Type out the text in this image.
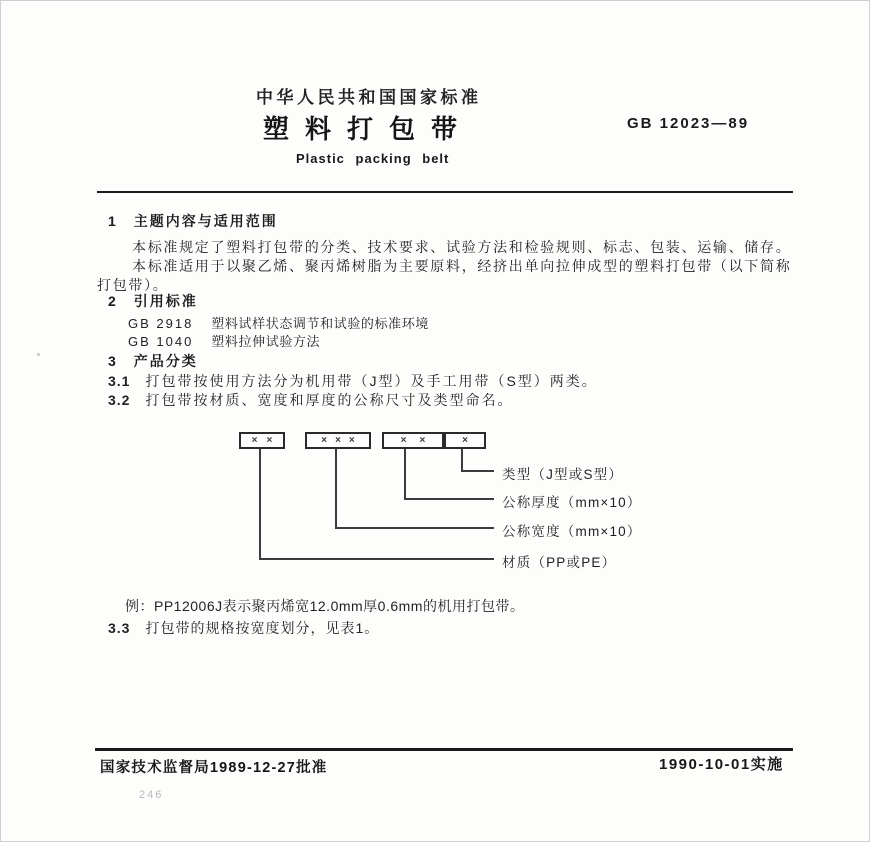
中华人民共和国国家标准
塑料打包带	GB 12023—89
Plastic packing belt
1 主题内容与适用范围
本标准规定了塑料打包带的分类、技术要求、试验方法和检验规则、标志、包装、运输、储存。
本标准适用于以聚乙烯、聚丙烯树脂为主要原料，经挤出单向拉伸成型的塑料打包带（以下简称
打包带）。
2 引用标准
GB 2918 塑料试样状态调节和试验的标准环境
GB 1040 塑料拉伸试验方法
3 产品分类
3.1 打包带按使用方法分为机用带（J型）及手工用带（S型）两类。
3.2 打包带按材质、宽度和厚度的公称尺寸及类型命名。
××	×××	××	×
类型（J型或S型）
公称厚度（mm×10）
公称宽度（mm×10）
材质（PP或PE）
例：PP12006J表示聚丙烯宽12.0mm厚0.6mm的机用打包带。
3.3 打包带的规格按宽度划分，见表1。
国家技术监督局1989-12-27批准	1990-10-01实施
246
